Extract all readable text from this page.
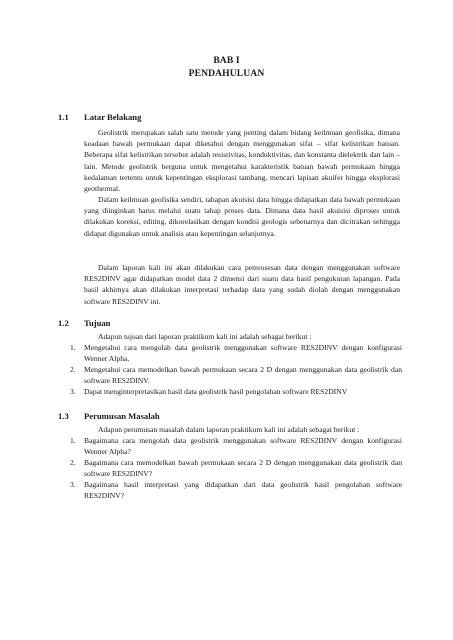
BAB I
PENDAHULUAN
1.1 Latar Belakang

Geolistrik merupakan salah satu metode yang penting dalam bidang keilmuan geofisika, dimana keadaan bawah permukaan dapat diketahui dengan menggunakan sifat – sifat kelistrikan batuan. Beberapa sifat kelistrikan tersebut adalah resistivitas, konduktivitas, dan konstanta dielektrik dan lain – lain. Metode geolistrik berguna untuk mengetahui karakteristik batuan bawah permukaan hingga kedalaman tertentu untuk kepentingan eksplorasi tambang, mencari lapisan akuifer hingga eksplorasi geothermal.

Dalam keilmuan geofisika sendiri, tahapan akuisisi data hingga didapatkan data bawah permukaan yang diinginkan harus melalui suatu tahap proses data. Dimana data hasil akuisisi diproses untuk dilakukan koreksi, editing, dikorelasikan dengan kondisi geologis sebenarnya dan dicitrakan sehingga didapat digunakan untuk analisis atau kepentingan selanjutnya.

Dalam laporan kali ini akan dilakukan cara pemrosesan data dengan menggunakan software RES2DINV agar didapatkan model data 2 dimensi dari suatu data hasil pengukuran lapangan. Pada hasil akhirnya akan dilakukan interpretasi terhadap data yang sudah diolah dengan menggunakan software RES2DINV ini.

1.2 Tujuan

Adapun tujuan dari laporan praktikum kali ini adalah sebagai berikut :

1. Mengetahui cara mengolah data geolistrik menggunakan software RES2DINV dengan konfigurasi Wenner Alpha.
2. Mengetahui cara memodelkan bawah permukaan secara 2 D dengan menggunakan data geolistrik dan software RES2DINV.
3. Dapat menginterpretasikan hasil data geolistrik hasil pengolahan software RES2DINV
1.3 Perumusan Masalah

Adapun perumusan masalah dalam laporan praktikum kali ini adalah sebagai berikut :

1. Bagaimana cara mengolah data geolistrik menggunakan software RES2DINV dengan konfigurasi Wenner Alpha?
2. Bagaimana cara memodelkan bawah permukaan secara 2 D dengan menggunakan data geolistrik dan software RES2DINV?
3. Bagaimana hasil interpretasi yang didapatkan dari data geolistrik hasil pengolahan software RES2DINV?
